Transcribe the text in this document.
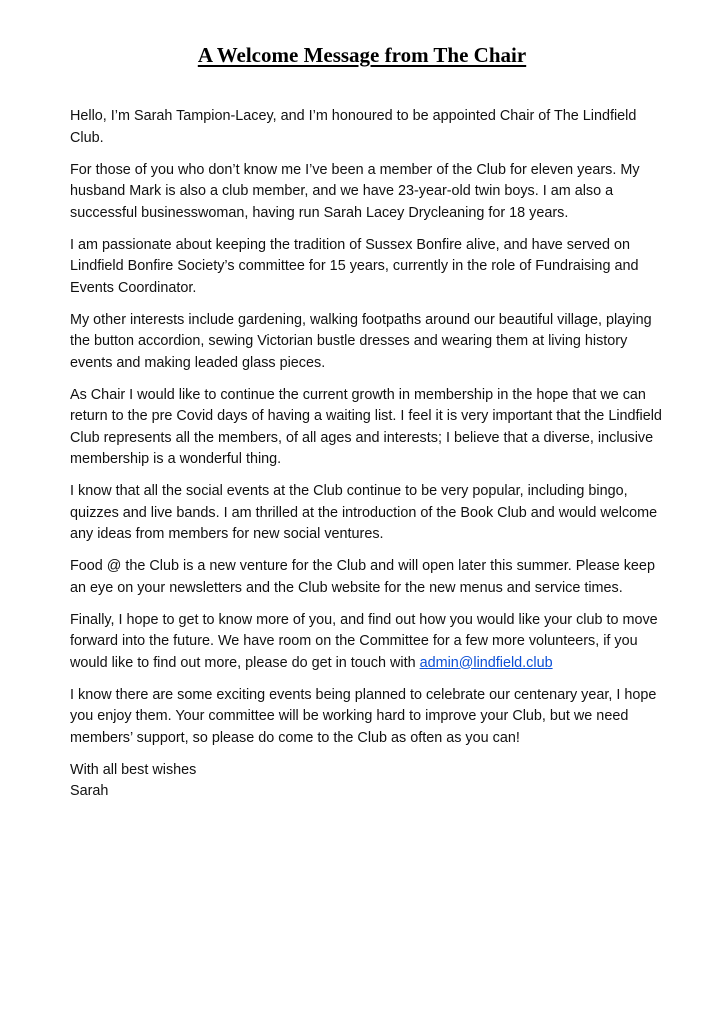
A Welcome Message from The Chair

Hello, I’m Sarah Tampion-Lacey, and I’m honoured to be appointed Chair of The Lindfield Club.

For those of you who don’t know me I’ve been a member of the Club for eleven years. My husband Mark is also a club member, and we have 23-year-old twin boys. I am also a successful businesswoman, having run Sarah Lacey Drycleaning for 18 years.

I am passionate about keeping the tradition of Sussex Bonfire alive, and have served on Lindfield Bonfire Society’s committee for 15 years, currently in the role of Fundraising and Events Coordinator.

My other interests include gardening, walking footpaths around our beautiful village, playing the button accordion, sewing Victorian bustle dresses and wearing them at living history events and making leaded glass pieces.

As Chair I would like to continue the current growth in membership in the hope that we can return to the pre Covid days of having a waiting list. I feel it is very important that the Lindfield Club represents all the members, of all ages and interests; I believe that a diverse, inclusive membership is a wonderful thing.

I know that all the social events at the Club continue to be very popular, including bingo, quizzes and live bands. I am thrilled at the introduction of the Book Club and would welcome any ideas from members for new social ventures.

Food @ the Club is a new venture for the Club and will open later this summer. Please keep an eye on your newsletters and the Club website for the new menus and service times.

Finally, I hope to get to know more of you, and find out how you would like your club to move forward into the future. We have room on the Committee for a few more volunteers, if you would like to find out more, please do get in touch with admin@lindfield.club

I know there are some exciting events being planned to celebrate our centenary year, I hope you enjoy them. Your committee will be working hard to improve your Club, but we need members’ support, so please do come to the Club as often as you can!

With all best wishes
Sarah
